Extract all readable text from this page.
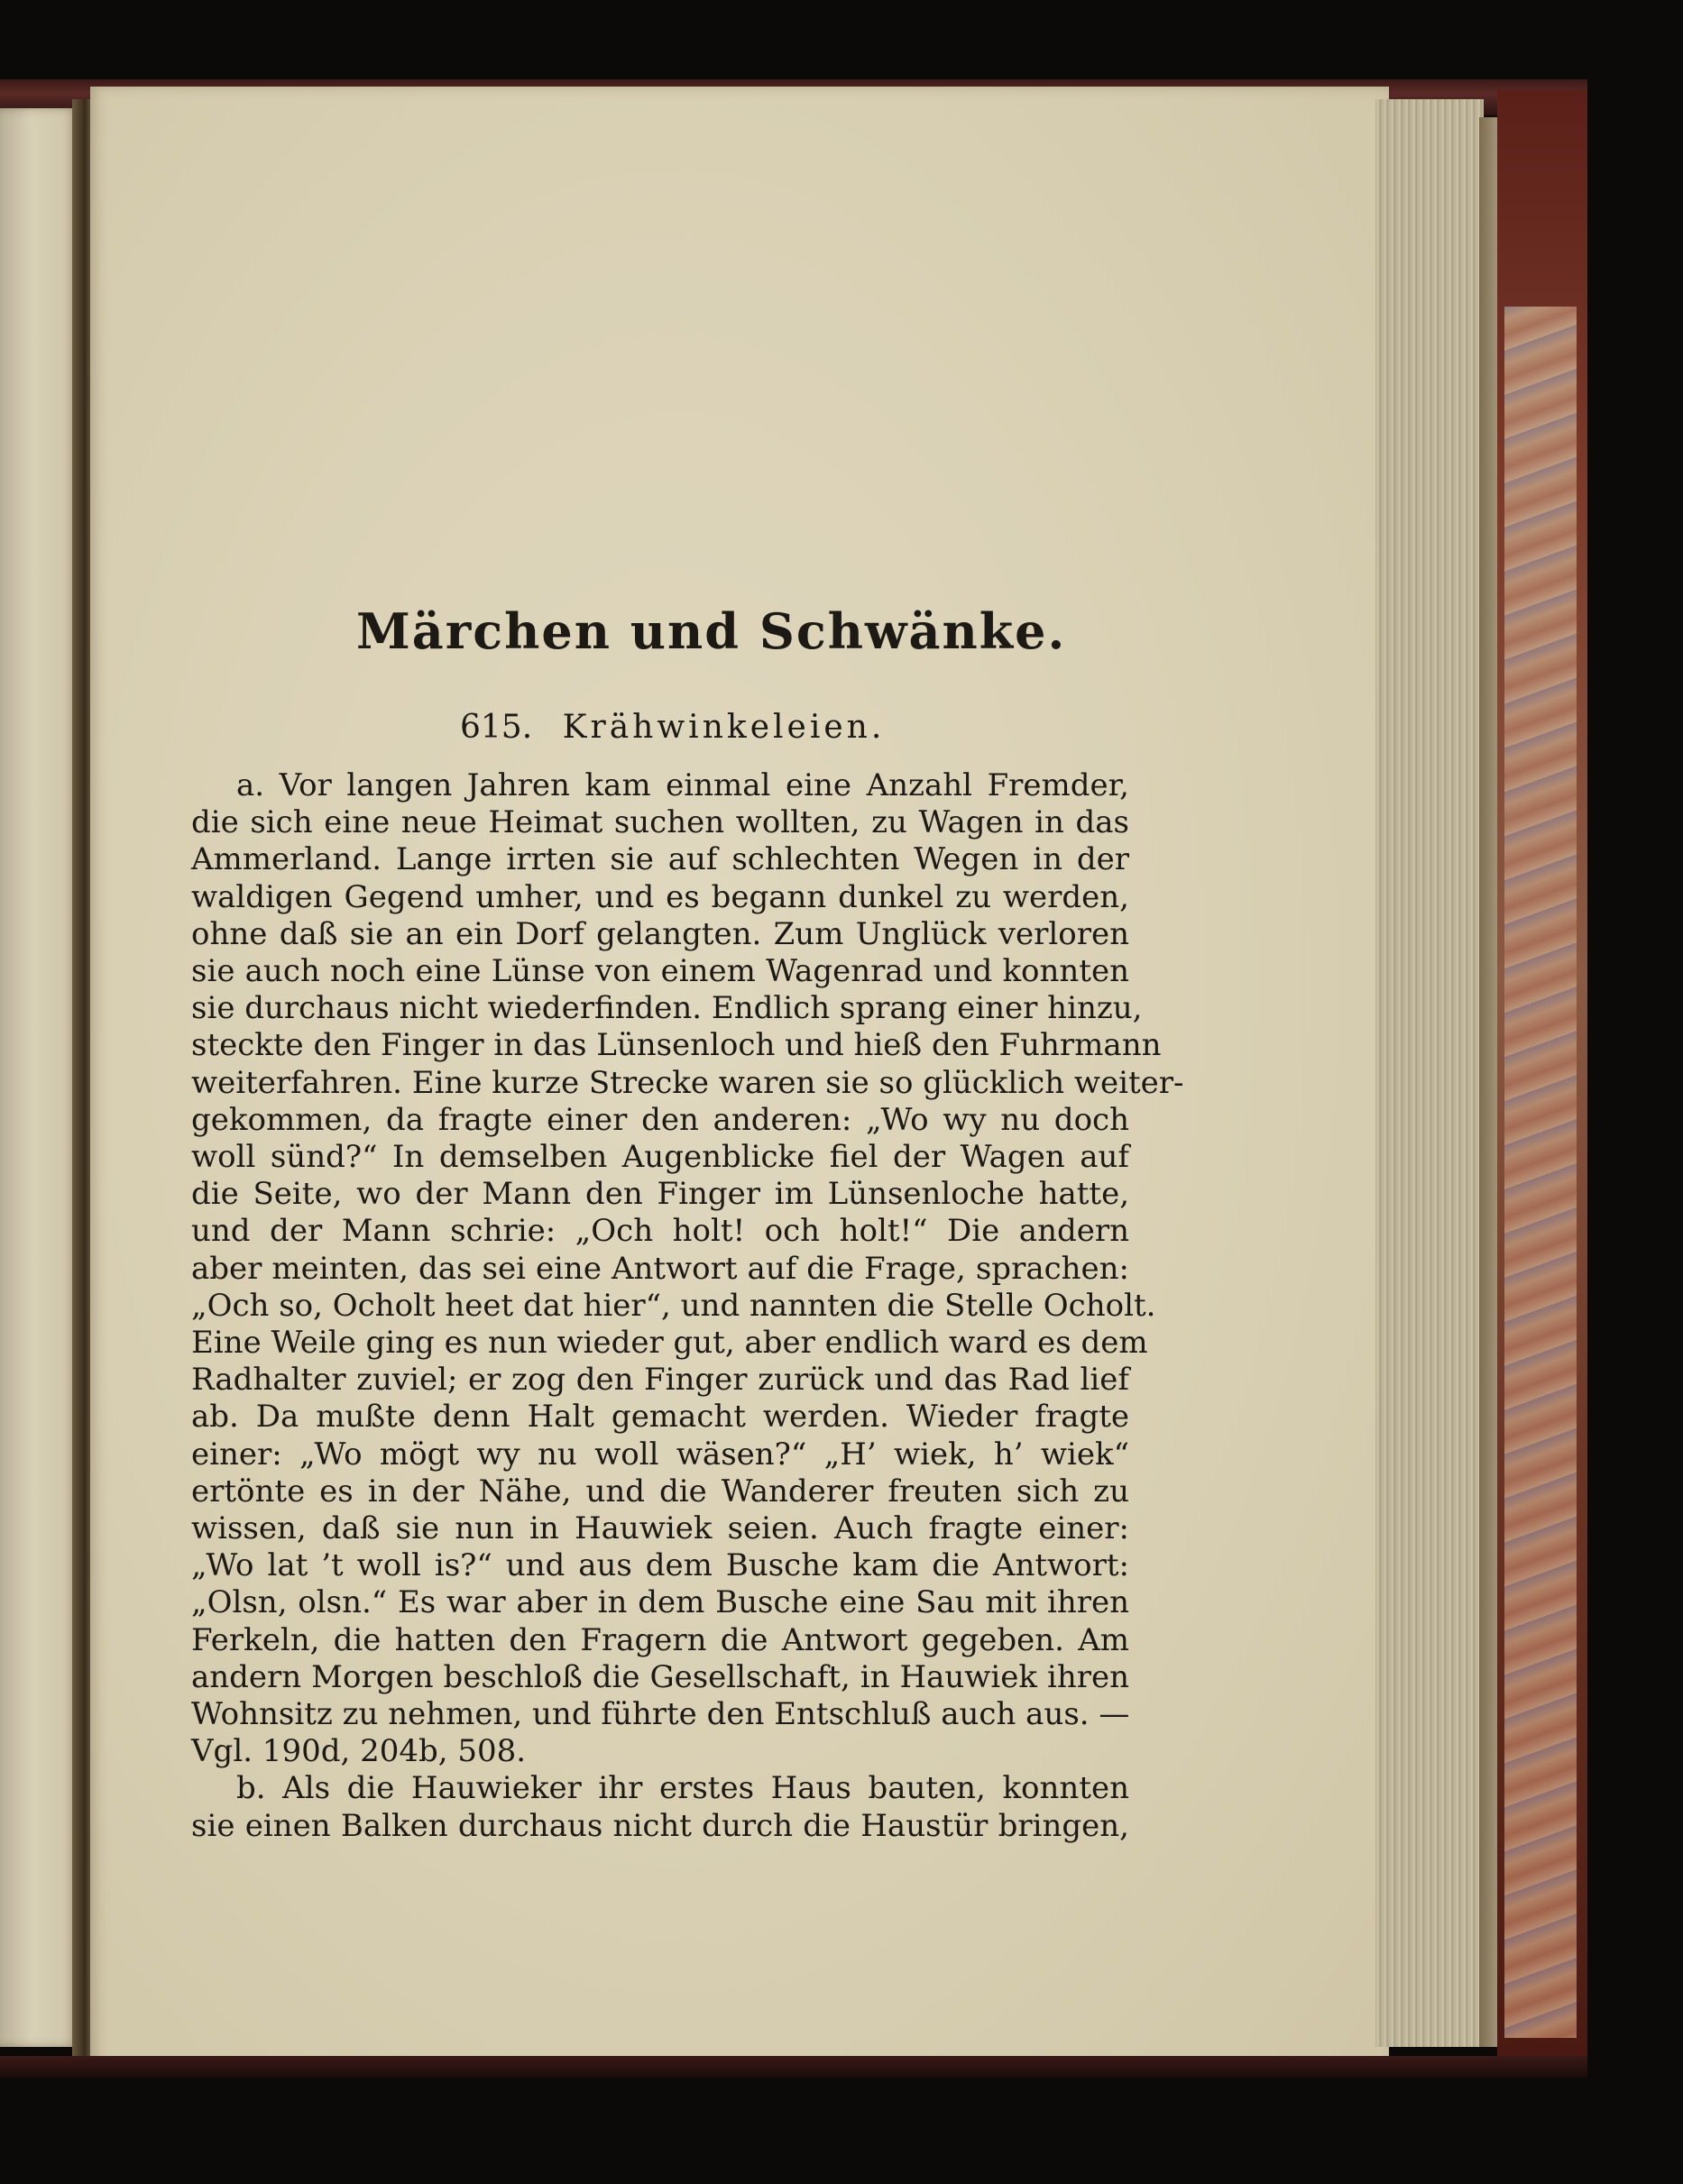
Märchen und Schwänke.
615. Krähwinkeleien.
a. Vor langen Jahren kam einmal eine Anzahl Fremder,
die sich eine neue Heimat suchen wollten, zu Wagen in das
Ammerland. Lange irrten sie auf schlechten Wegen in der
waldigen Gegend umher, und es begann dunkel zu werden,
ohne daß sie an ein Dorf gelangten. Zum Unglück verloren
sie auch noch eine Lünse von einem Wagenrad und konnten
sie durchaus nicht wiederfinden. Endlich sprang einer hinzu,
steckte den Finger in das Lünsenloch und hieß den Fuhrmann
weiterfahren. Eine kurze Strecke waren sie so glücklich weiter-
gekommen, da fragte einer den anderen: „Wo wy nu doch
woll sünd?“ In demselben Augenblicke fiel der Wagen auf
die Seite, wo der Mann den Finger im Lünsenloche hatte,
und der Mann schrie: „Och holt! och holt!“ Die andern
aber meinten, das sei eine Antwort auf die Frage, sprachen:
„Och so, Ocholt heet dat hier“, und nannten die Stelle Ocholt.
Eine Weile ging es nun wieder gut, aber endlich ward es dem
Radhalter zuviel; er zog den Finger zurück und das Rad lief
ab. Da mußte denn Halt gemacht werden. Wieder fragte
einer: „Wo mögt wy nu woll wäsen?“ „H’ wiek, h’ wiek“
ertönte es in der Nähe, und die Wanderer freuten sich zu
wissen, daß sie nun in Hauwiek seien. Auch fragte einer:
„Wo lat ’t woll is?“ und aus dem Busche kam die Antwort:
„Olsn, olsn.“ Es war aber in dem Busche eine Sau mit ihren
Ferkeln, die hatten den Fragern die Antwort gegeben. Am
andern Morgen beschloß die Gesellschaft, in Hauwiek ihren
Wohnsitz zu nehmen, und führte den Entschluß auch aus. —
Vgl. 190d, 204b, 508.
b. Als die Hauwieker ihr erstes Haus bauten, konnten
sie einen Balken durchaus nicht durch die Haustür bringen,
